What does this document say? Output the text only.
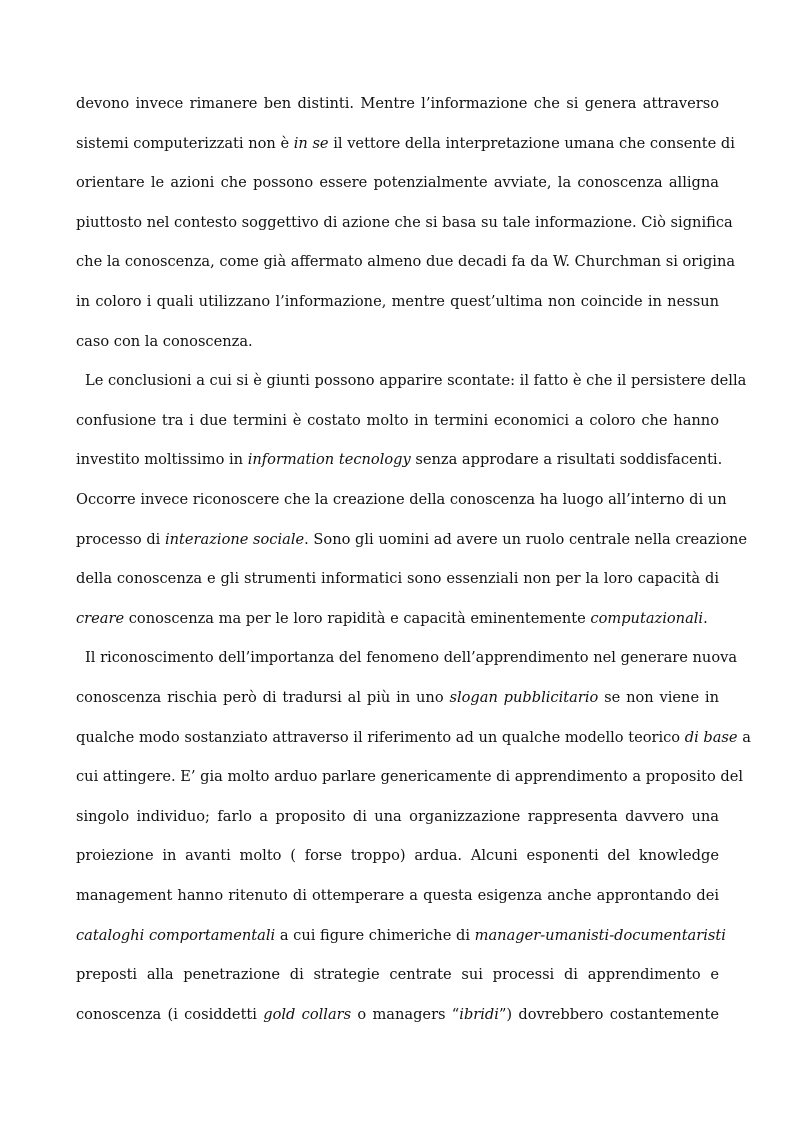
devono invece rimanere ben distinti. Mentre l’informazione che si genera attraverso
sistemi computerizzati non è in se il vettore della interpretazione umana che consente di
orientare le azioni che possono essere potenzialmente avviate, la conoscenza alligna
piuttosto nel contesto soggettivo di azione che si basa su tale informazione. Ciò significa
che la conoscenza, come già affermato almeno due decadi fa da W. Churchman si origina
in coloro i quali utilizzano l’informazione, mentre quest’ultima non coincide in nessun
caso con la conoscenza.
Le conclusioni a cui si è giunti possono apparire scontate: il fatto è che il persistere della
confusione tra i due termini è costato molto in termini economici a coloro che hanno
investito moltissimo in information tecnology senza approdare a risultati soddisfacenti.
Occorre invece riconoscere che la creazione della conoscenza ha luogo all’interno di un
processo di interazione sociale. Sono gli uomini ad avere un ruolo centrale nella creazione
della conoscenza e gli strumenti informatici sono essenziali non per la loro capacità di
creare conoscenza ma per le loro rapidità e capacità eminentemente computazionali.
Il riconoscimento dell’importanza del fenomeno dell’apprendimento nel generare nuova
conoscenza rischia però di tradursi al più in uno slogan pubblicitario se non viene in
qualche modo sostanziato attraverso il riferimento ad un qualche modello teorico di base a
cui attingere. E’ gia molto arduo parlare genericamente di apprendimento a proposito del
singolo individuo; farlo a proposito di una organizzazione rappresenta davvero una
proiezione in avanti molto ( forse troppo) ardua. Alcuni esponenti del knowledge
management hanno ritenuto di ottemperare a questa esigenza anche approntando dei
cataloghi comportamentali a cui figure chimeriche di manager-umanisti-documentaristi
preposti alla penetrazione di strategie centrate sui processi di apprendimento e
conoscenza (i cosiddetti gold collars o managers “ibridi”) dovrebbero costantemente
